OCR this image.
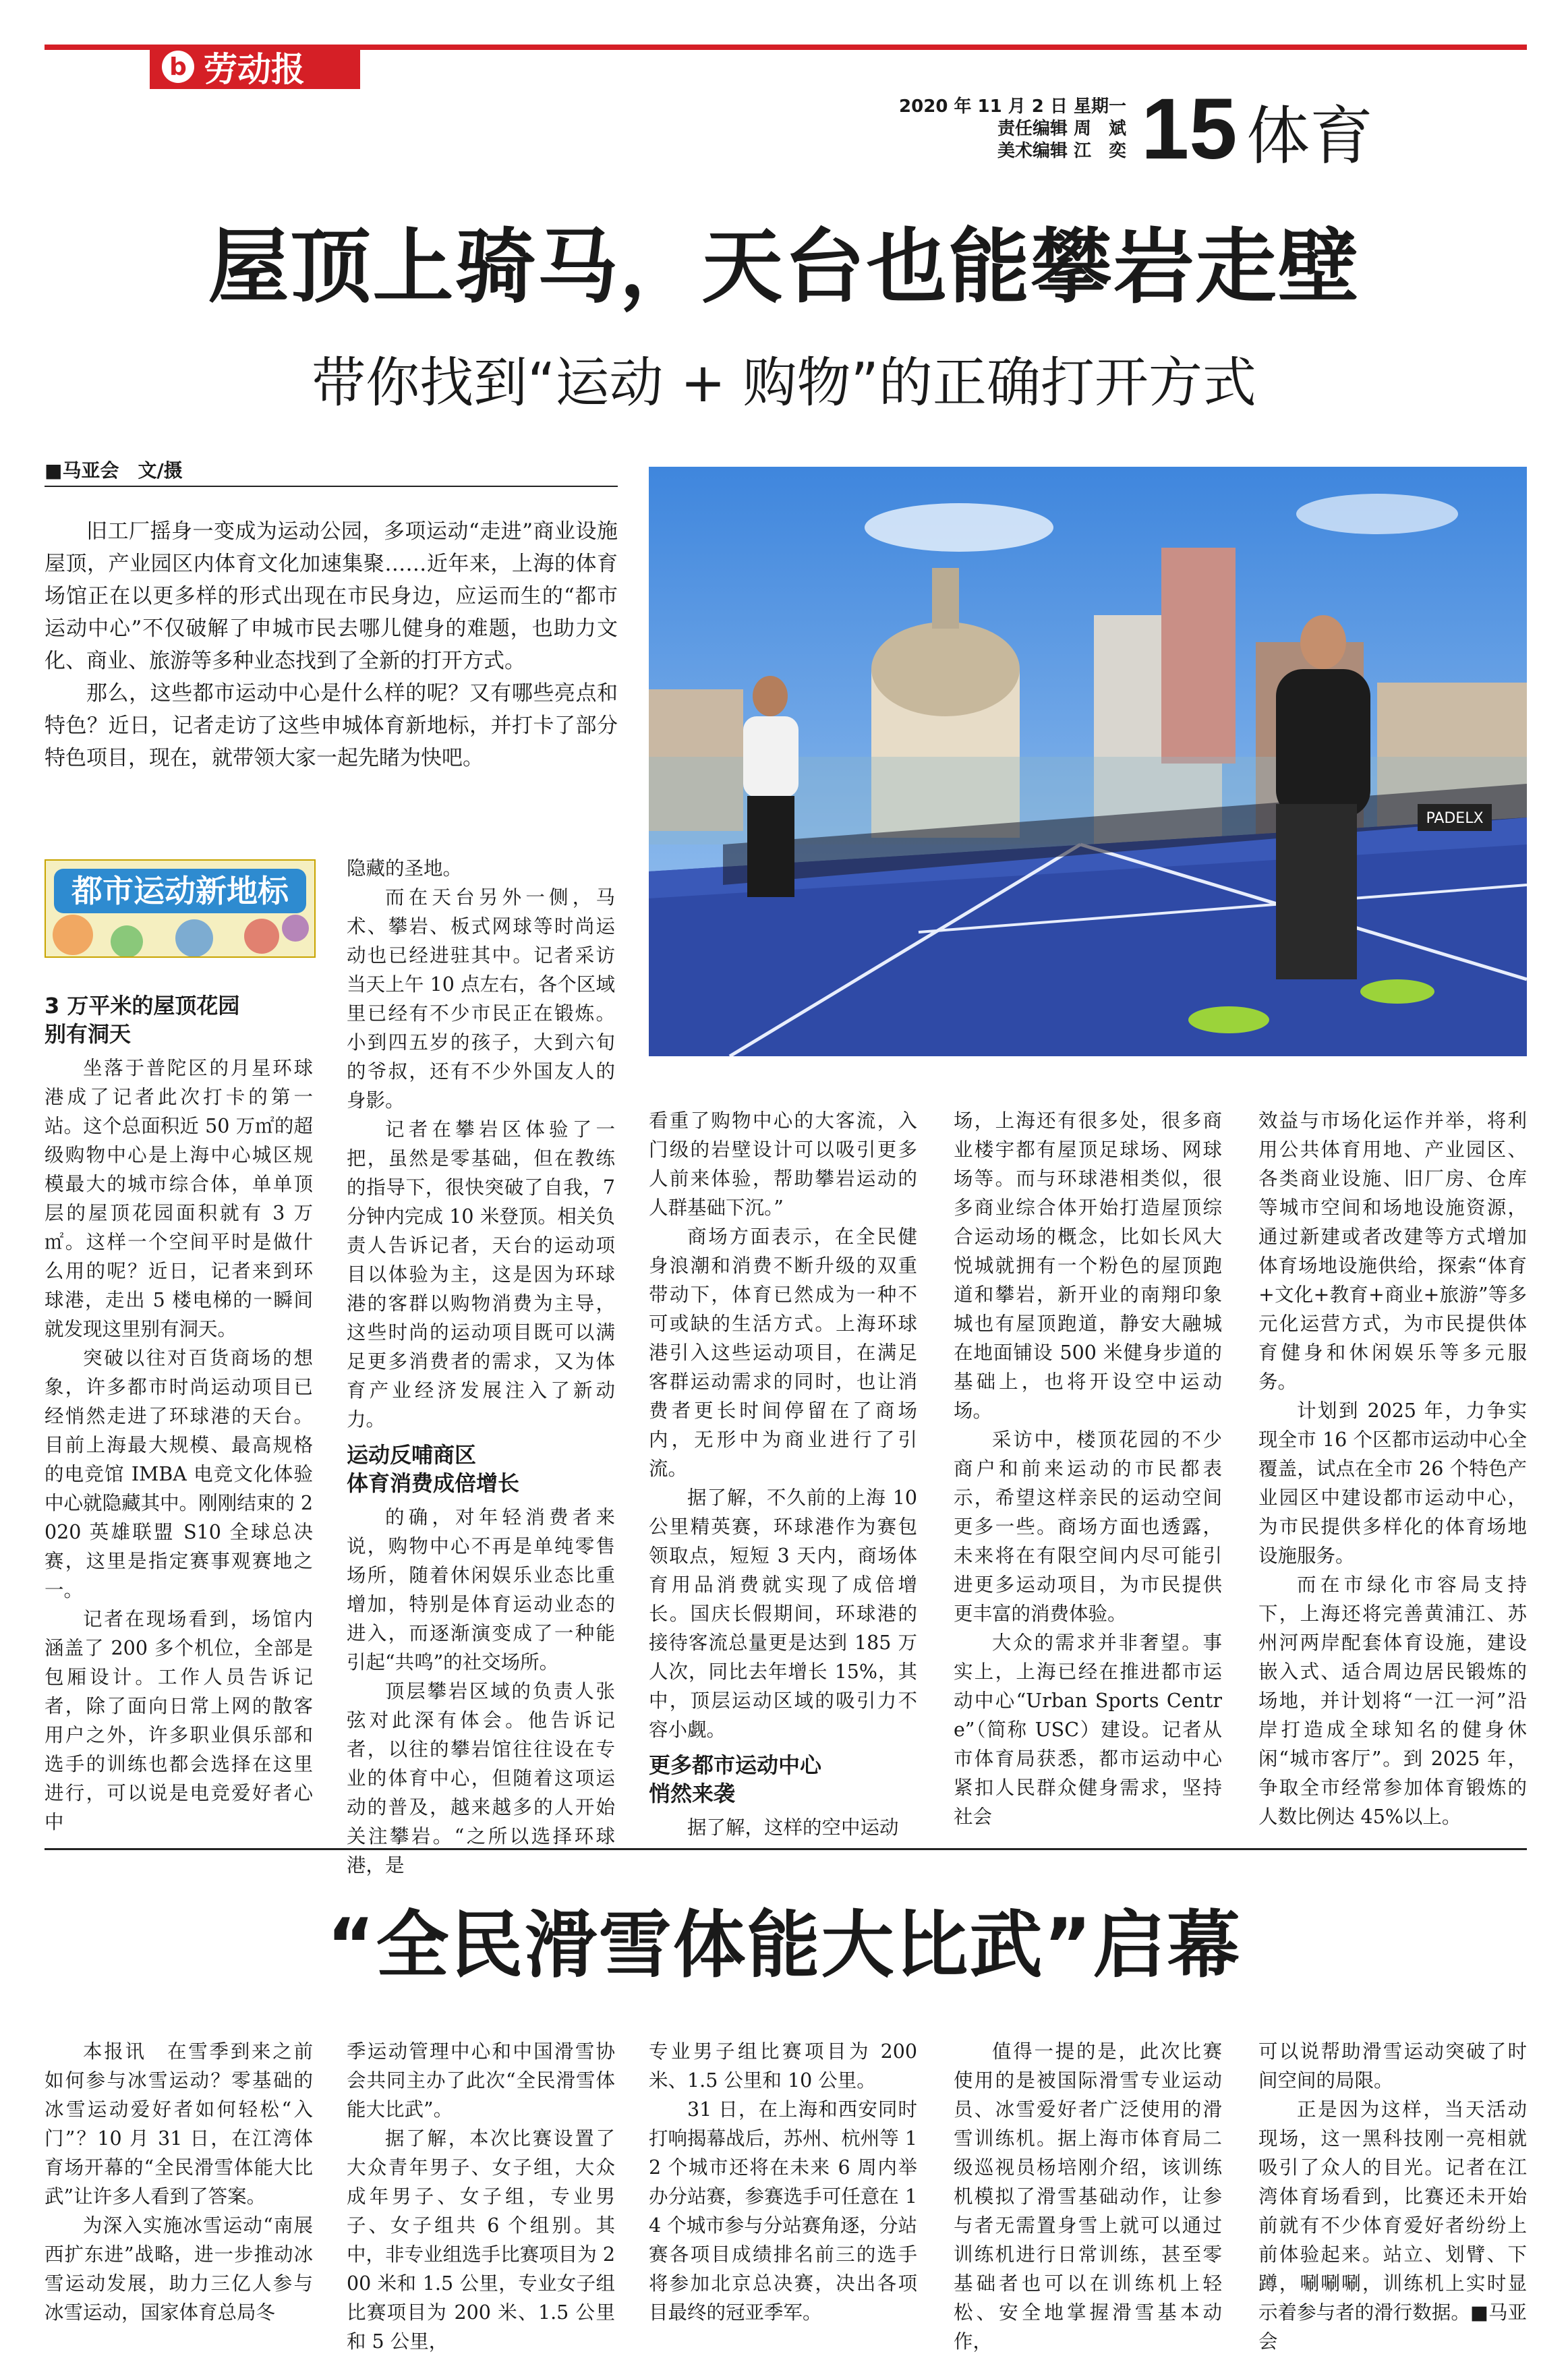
b 劳动报
2020 年 11 月 2 日 星期一
责任编辑 周　斌
美术编辑 江　奕 15 体育
屋顶上骑马，天台也能攀岩走壁
带你找到“运动 + 购物”的正确打开方式
■马亚会　文/摄

旧工厂摇身一变成为运动公园，多项运动“走进”商业设施屋顶，产业园区内体育文化加速集聚……近年来，上海的体育场馆正在以更多样的形式出现在市民身边，应运而生的“都市运动中心”不仅破解了申城市民去哪儿健身的难题，也助力文化、商业、旅游等多种业态找到了全新的打开方式。

那么，这些都市运动中心是什么样的呢？又有哪些亮点和特色？近日，记者走访了这些申城体育新地标，并打卡了部分特色项目，现在，就带领大家一起先睹为快吧。

PADELX
都市运动新地标
3 万平米的屋顶花园
别有洞天

坐落于普陀区的月星环球港成了记者此次打卡的第一站。这个总面积近 50 万㎡的超级购物中心是上海中心城区规模最大的城市综合体，单单顶层的屋顶花园面积就有 3 万㎡。这样一个空间平时是做什么用的呢？近日，记者来到环球港，走出 5 楼电梯的一瞬间就发现这里别有洞天。

突破以往对百货商场的想象，许多都市时尚运动项目已经悄然走进了环球港的天台。目前上海最大规模、最高规格的电竞馆 IMBA 电竞文化体验中心就隐藏其中。刚刚结束的 2020 英雄联盟 S10 全球总决赛，这里是指定赛事观赛地之一。

记者在现场看到，场馆内涵盖了 200 多个机位，全部是包厢设计。工作人员告诉记者，除了面向日常上网的散客用户之外，许多职业俱乐部和选手的训练也都会选择在这里进行，可以说是电竞爱好者心中

隐藏的圣地。

而在天台另外一侧，马术、攀岩、板式网球等时尚运动也已经进驻其中。记者采访当天上午 10 点左右，各个区域里已经有不少市民正在锻炼。小到四五岁的孩子，大到六旬的爷叔，还有不少外国友人的身影。

记者在攀岩区体验了一把，虽然是零基础，但在教练的指导下，很快突破了自我，7 分钟内完成 10 米登顶。相关负责人告诉记者，天台的运动项目以体验为主，这是因为环球港的客群以购物消费为主导，这些时尚的运动项目既可以满足更多消费者的需求，又为体育产业经济发展注入了新动力。

运动反哺商区
体育消费成倍增长

的确，对年轻消费者来说，购物中心不再是单纯零售场所，随着休闲娱乐业态比重增加，特别是体育运动业态的进入，而逐渐演变成了一种能引起“共鸣”的社交场所。

顶层攀岩区域的负责人张弦对此深有体会。他告诉记者，以往的攀岩馆往往设在专业的体育中心，但随着这项运动的普及，越来越多的人开始关注攀岩。“之所以选择环球港，是

看重了购物中心的大客流，入门级的岩壁设计可以吸引更多人前来体验，帮助攀岩运动的人群基础下沉。”

商场方面表示，在全民健身浪潮和消费不断升级的双重带动下，体育已然成为一种不可或缺的生活方式。上海环球港引入这些运动项目，在满足客群运动需求的同时，也让消费者更长时间停留在了商场内，无形中为商业进行了引流。

据了解，不久前的上海 10 公里精英赛，环球港作为赛包领取点，短短 3 天内，商场体育用品消费就实现了成倍增长。国庆长假期间，环球港的接待客流总量更是达到 185 万人次，同比去年增长 15%，其中，顶层运动区域的吸引力不容小觑。

更多都市运动中心
悄然来袭

据了解，这样的空中运动

场，上海还有很多处，很多商业楼宇都有屋顶足球场、网球场等。而与环球港相类似，很多商业综合体开始打造屋顶综合运动场的概念，比如长风大悦城就拥有一个粉色的屋顶跑道和攀岩，新开业的南翔印象城也有屋顶跑道，静安大融城在地面铺设 500 米健身步道的基础上，也将开设空中运动场。

采访中，楼顶花园的不少商户和前来运动的市民都表示，希望这样亲民的运动空间更多一些。商场方面也透露，未来将在有限空间内尽可能引进更多运动项目，为市民提供更丰富的消费体验。

大众的需求并非奢望。事实上，上海已经在推进都市运动中心“Urban Sports Centre”（简称 USC）建设。记者从市体育局获悉，都市运动中心紧扣人民群众健身需求，坚持社会

效益与市场化运作并举，将利用公共体育用地、产业园区、各类商业设施、旧厂房、仓库等城市空间和场地设施资源，通过新建或者改建等方式增加体育场地设施供给，探索“体育+文化+教育+商业+旅游”等多元化运营方式，为市民提供体育健身和休闲娱乐等多元服务。

计划到 2025 年，力争实现全市 16 个区都市运动中心全覆盖，试点在全市 26 个特色产业园区中建设都市运动中心，为市民提供多样化的体育场地设施服务。

而在市绿化市容局支持下，上海还将完善黄浦江、苏州河两岸配套体育设施，建设嵌入式、适合周边居民锻炼的场地，并计划将“一江一河”沿岸打造成全球知名的健身休闲“城市客厅”。到 2025 年，争取全市经常参加体育锻炼的人数比例达 45%以上。

“全民滑雪体能大比武”启幕

本报讯　在雪季到来之前如何参与冰雪运动？零基础的冰雪运动爱好者如何轻松“入门”？10 月 31 日，在江湾体育场开幕的“全民滑雪体能大比武”让许多人看到了答案。

为深入实施冰雪运动“南展西扩东进”战略，进一步推动冰雪运动发展，助力三亿人参与冰雪运动，国家体育总局冬

季运动管理中心和中国滑雪协会共同主办了此次“全民滑雪体能大比武”。

据了解，本次比赛设置了大众青年男子、女子组，大众成年男子、女子组，专业男子、女子组共 6 个组别。其中，非专业组选手比赛项目为 200 米和 1.5 公里，专业女子组比赛项目为 200 米、1.5 公里和 5 公里，

专业男子组比赛项目为 200 米、1.5 公里和 10 公里。

31 日，在上海和西安同时打响揭幕战后，苏州、杭州等 12 个城市还将在未来 6 周内举办分站赛，参赛选手可任意在 14 个城市参与分站赛角逐，分站赛各项目成绩排名前三的选手将参加北京总决赛，决出各项目最终的冠亚季军。

值得一提的是，此次比赛使用的是被国际滑雪专业运动员、冰雪爱好者广泛使用的滑雪训练机。据上海市体育局二级巡视员杨培刚介绍，该训练机模拟了滑雪基础动作，让参与者无需置身雪上就可以通过训练机进行日常训练，甚至零基础者也可以在训练机上轻松、安全地掌握滑雪基本动作，

可以说帮助滑雪运动突破了时间空间的局限。

正是因为这样，当天活动现场，这一黑科技刚一亮相就吸引了众人的目光。记者在江湾体育场看到，比赛还未开始前就有不少体育爱好者纷纷上前体验起来。站立、划臂、下蹲，唰唰唰，训练机上实时显示着参与者的滑行数据。■马亚会
